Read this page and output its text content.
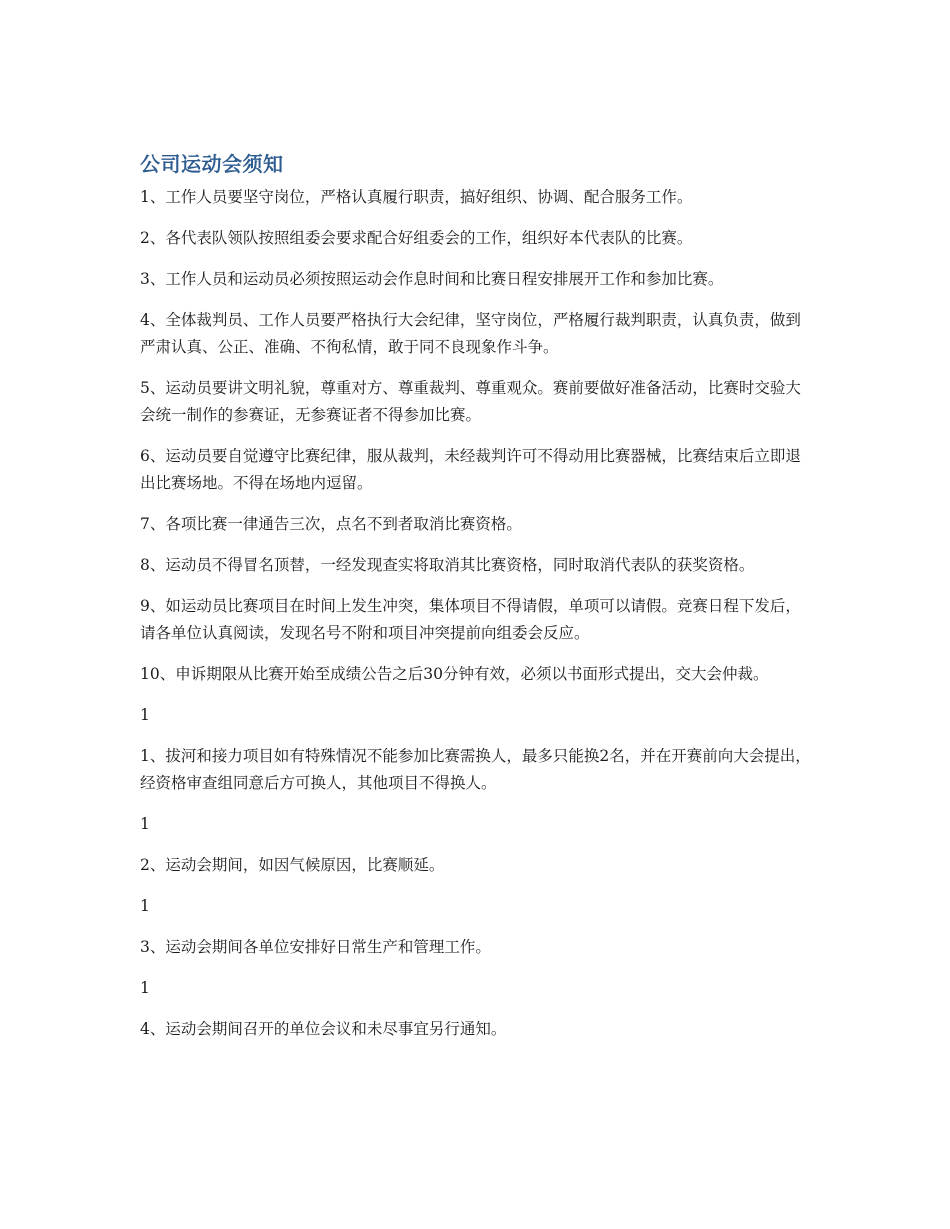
公司运动会须知

1、工作人员要坚守岗位，严格认真履行职责，搞好组织、协调、配合服务工作。

2、各代表队领队按照组委会要求配合好组委会的工作，组织好本代表队的比赛。

3、工作人员和运动员必须按照运动会作息时间和比赛日程安排展开工作和参加比赛。

4、全体裁判员、工作人员要严格执行大会纪律，坚守岗位，严格履行裁判职责，认真负责，做到严肃认真、公正、准确、不徇私情，敢于同不良现象作斗争。

5、运动员要讲文明礼貌，尊重对方、尊重裁判、尊重观众。赛前要做好准备活动，比赛时交验大会统一制作的参赛证，无参赛证者不得参加比赛。

6、运动员要自觉遵守比赛纪律，服从裁判，未经裁判许可不得动用比赛器械，比赛结束后立即退出比赛场地。不得在场地内逗留。

7、各项比赛一律通告三次，点名不到者取消比赛资格。

8、运动员不得冒名顶替，一经发现查实将取消其比赛资格，同时取消代表队的获奖资格。

9、如运动员比赛项目在时间上发生冲突，集体项目不得请假，单项可以请假。竞赛日程下发后，请各单位认真阅读，发现名号不附和项目冲突提前向组委会反应。

10、申诉期限从比赛开始至成绩公告之后30分钟有效，必须以书面形式提出，交大会仲裁。

1

1、拔河和接力项目如有特殊情况不能参加比赛需换人，最多只能换2名，并在开赛前向大会提出，经资格审查组同意后方可换人，其他项目不得换人。

1

2、运动会期间，如因气候原因，比赛顺延。

1

3、运动会期间各单位安排好日常生产和管理工作。

1

4、运动会期间召开的单位会议和未尽事宜另行通知。
